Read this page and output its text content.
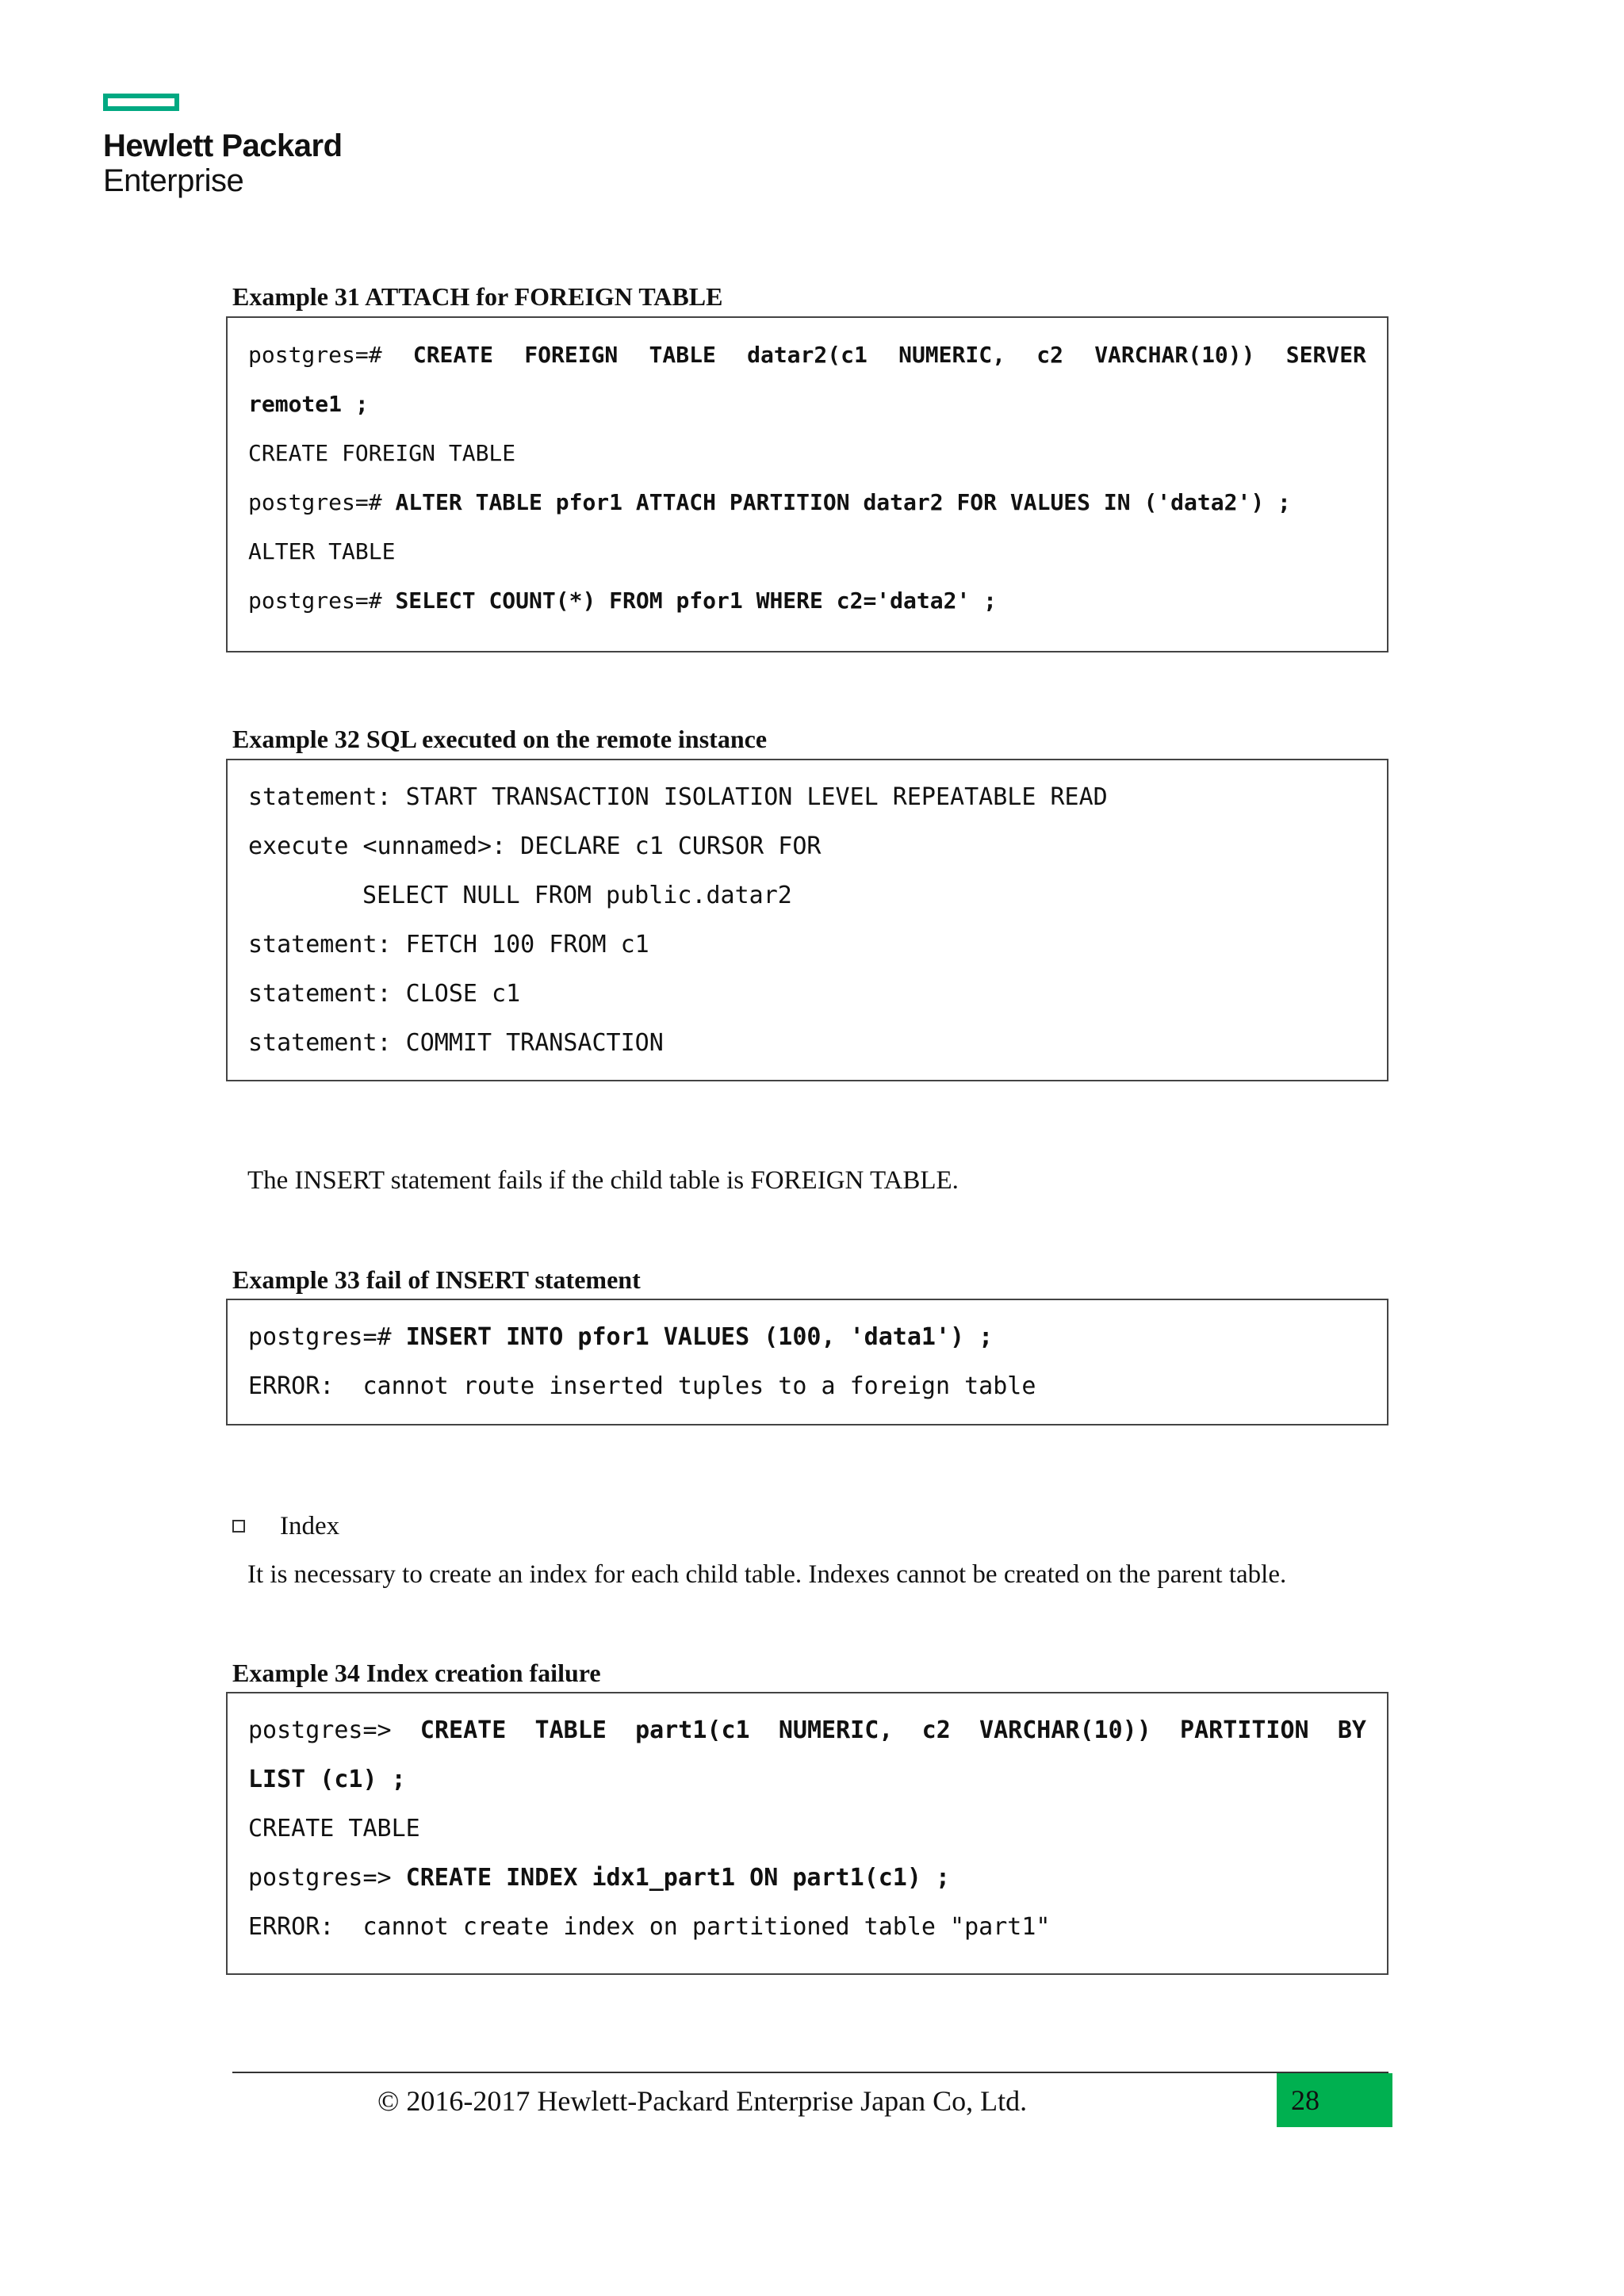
Hewlett Packard
Enterprise
Example 31 ATTACH for FOREIGN TABLE
postgres=# CREATE FOREIGN TABLE datar2(c1 NUMERIC, c2 VARCHAR(10)) SERVER
remote1 ;
CREATE FOREIGN TABLE
postgres=# ALTER TABLE pfor1 ATTACH PARTITION datar2 FOR VALUES IN ('data2') ;
ALTER TABLE
postgres=# SELECT COUNT(*) FROM pfor1 WHERE c2='data2' ;
Example 32 SQL executed on the remote instance
statement: START TRANSACTION ISOLATION LEVEL REPEATABLE READ
execute <unnamed>: DECLARE c1 CURSOR FOR
SELECT NULL FROM public.datar2
statement: FETCH 100 FROM c1
statement: CLOSE c1
statement: COMMIT TRANSACTION
The INSERT statement fails if the child table is FOREIGN TABLE.
Example 33 fail of INSERT statement
postgres=# INSERT INTO pfor1 VALUES (100, 'data1') ;
ERROR:  cannot route inserted tuples to a foreign table
Index
It is necessary to create an index for each child table. Indexes cannot be created on the parent table.
Example 34 Index creation failure
postgres=> CREATE TABLE part1(c1 NUMERIC, c2 VARCHAR(10)) PARTITION BY
LIST (c1) ;
CREATE TABLE
postgres=> CREATE INDEX idx1_part1 ON part1(c1) ;
ERROR:  cannot create index on partitioned table "part1"
© 2016-2017 Hewlett-Packard Enterprise Japan Co, Ltd.	28
